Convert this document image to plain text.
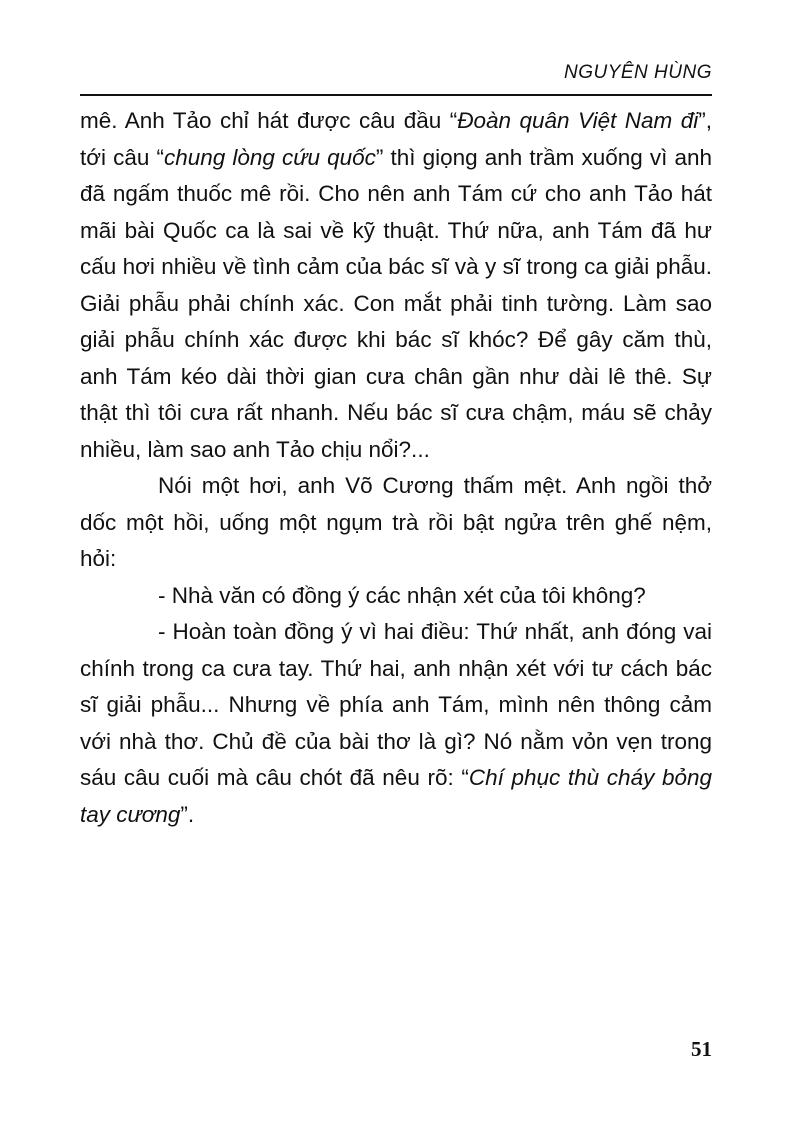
NGUYÊN HÙNG

mê. Anh Tảo chỉ hát được câu đầu “Đoàn quân Việt Nam đi”, tới câu “chung lòng cứu quốc” thì giọng anh trầm xuống vì anh đã ngấm thuốc mê rồi. Cho nên anh Tám cứ cho anh Tảo hát mãi bài Quốc ca là sai về kỹ thuật. Thứ nữa, anh Tám đã hư cấu hơi nhiều về tình cảm của bác sĩ và y sĩ trong ca giải phẫu. Giải phẫu phải chính xác. Con mắt phải tinh tường. Làm sao giải phẫu chính xác được khi bác sĩ khóc? Để gây căm thù, anh Tám kéo dài thời gian cưa chân gần như dài lê thê. Sự thật thì tôi cưa rất nhanh. Nếu bác sĩ cưa chậm, máu sẽ chảy nhiều, làm sao anh Tảo chịu nổi?...

Nói một hơi, anh Võ Cương thấm mệt. Anh ngồi thở dốc một hồi, uống một ngụm trà rồi bật ngửa trên ghế nệm, hỏi:

- Nhà văn có đồng ý các nhận xét của tôi không?

- Hoàn toàn đồng ý vì hai điều: Thứ nhất, anh đóng vai chính trong ca cưa tay. Thứ hai, anh nhận xét với tư cách bác sĩ giải phẫu... Nhưng về phía anh Tám, mình nên thông cảm với nhà thơ. Chủ đề của bài thơ là gì? Nó nằm vỏn vẹn trong sáu câu cuối mà câu chót đã nêu rõ: “Chí phục thù cháy bỏng tay cương”.

51
